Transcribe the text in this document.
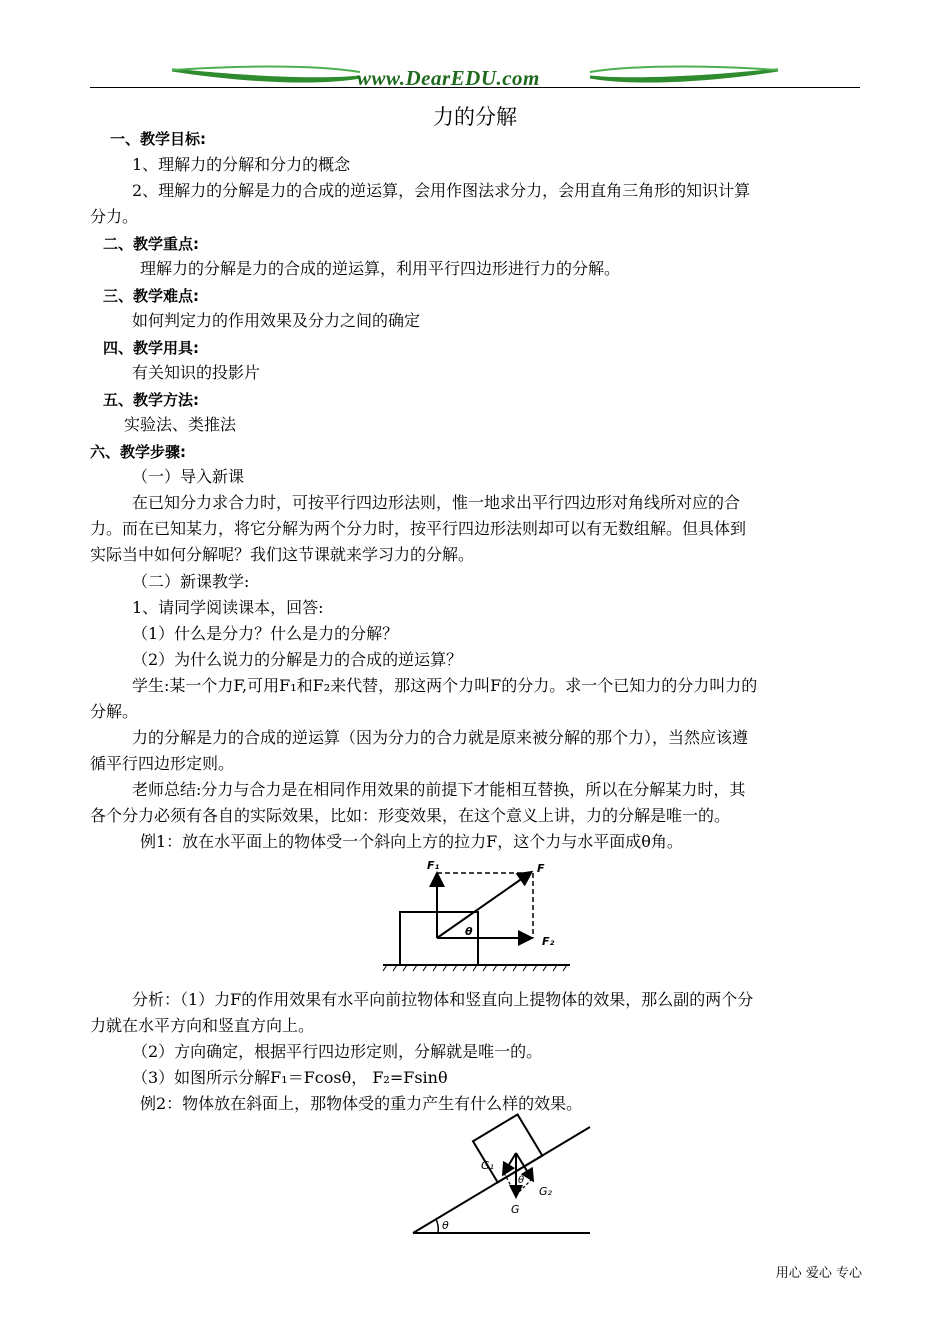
www.DearEDU.com
力的分解
一、教学目标:
1、理解力的分解和分力的概念
2、理解力的分解是力的合成的逆运算，会用作图法求分力，会用直角三角形的知识计算
分力。
二、教学重点:
理解力的分解是力的合成的逆运算，利用平行四边形进行力的分解。
三、教学难点:
如何判定力的作用效果及分力之间的确定
四、教学用具:
有关知识的投影片
五、教学方法:
实验法、类推法
六、教学步骤:
（一）导入新课
在已知分力求合力时，可按平行四边形法则，惟一地求出平行四边形对角线所对应的合
力。而在已知某力，将它分解为两个分力时，按平行四边形法则却可以有无数组解。但具体到
实际当中如何分解呢？我们这节课就来学习力的分解。
（二）新课教学:
1、请同学阅读课本，回答:
（1）什么是分力？什么是力的分解？
（2）为什么说力的分解是力的合成的逆运算？
学生:某一个力F,可用F₁和F₂来代替，那这两个力叫F的分力。求一个已知力的分力叫力的
分解。
力的分解是力的合成的逆运算（因为分力的合力就是原来被分解的那个力），当然应该遵
循平行四边形定则。
老师总结:分力与合力是在相同作用效果的前提下才能相互替换，所以在分解某力时，其
各个分力必须有各自的实际效果，比如：形变效果，在这个意义上讲，力的分解是唯一的。
例1：放在水平面上的物体受一个斜向上方的拉力F，这个力与水平面成θ角。
F₁	F
F₂
θ
分析：（1）力F的作用效果有水平向前拉物体和竖直向上提物体的效果，那么副的两个分
力就在水平方向和竖直方向上。
（2）方向确定，根据平行四边形定则，分解就是唯一的。
（3）如图所示分解F₁＝Fcosθ， F₂=Fsinθ
例2：物体放在斜面上，那物体受的重力产生有什么样的效果。
θ
G₁
G₂
G
θ
用心 爱心 专心
